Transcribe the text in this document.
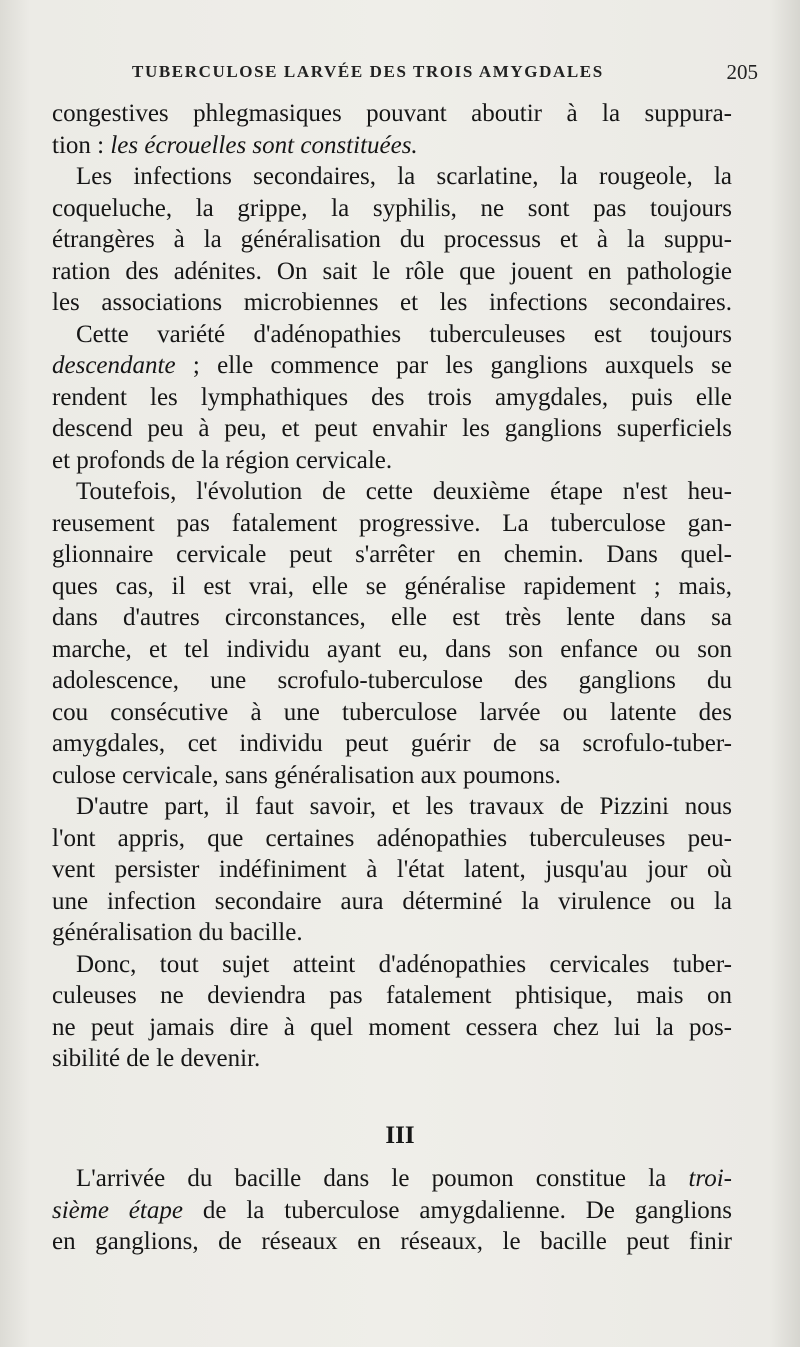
TUBERCULOSE LARVÉE DES TROIS AMYGDALES	205
congestives phlegmasiques pouvant aboutir à la suppura-
tion : les écrouelles sont constituées.
Les infections secondaires, la scarlatine, la rougeole, la
coqueluche, la grippe, la syphilis, ne sont pas toujours
étrangères à la généralisation du processus et à la suppu-
ration des adénites. On sait le rôle que jouent en pathologie
les associations microbiennes et les infections secondaires.
Cette variété d'adénopathies tuberculeuses est toujours
descendante ; elle commence par les ganglions auxquels se
rendent les lymphathiques des trois amygdales, puis elle
descend peu à peu, et peut envahir les ganglions superficiels
et profonds de la région cervicale.
Toutefois, l'évolution de cette deuxième étape n'est heu-
reusement pas fatalement progressive. La tuberculose gan-
glionnaire cervicale peut s'arrêter en chemin. Dans quel-
ques cas, il est vrai, elle se généralise rapidement ; mais,
dans d'autres circonstances, elle est très lente dans sa
marche, et tel individu ayant eu, dans son enfance ou son
adolescence, une scrofulo-tuberculose des ganglions du
cou consécutive à une tuberculose larvée ou latente des
amygdales, cet individu peut guérir de sa scrofulo-tuber-
culose cervicale, sans généralisation aux poumons.
D'autre part, il faut savoir, et les travaux de Pizzini nous
l'ont appris, que certaines adénopathies tuberculeuses peu-
vent persister indéfiniment à l'état latent, jusqu'au jour où
une infection secondaire aura déterminé la virulence ou la
généralisation du bacille.
Donc, tout sujet atteint d'adénopathies cervicales tuber-
culeuses ne deviendra pas fatalement phtisique, mais on
ne peut jamais dire à quel moment cessera chez lui la pos-
sibilité de le devenir.
III
L'arrivée du bacille dans le poumon constitue la troi-
sième étape de la tuberculose amygdalienne. De ganglions
en ganglions, de réseaux en réseaux, le bacille peut finir
